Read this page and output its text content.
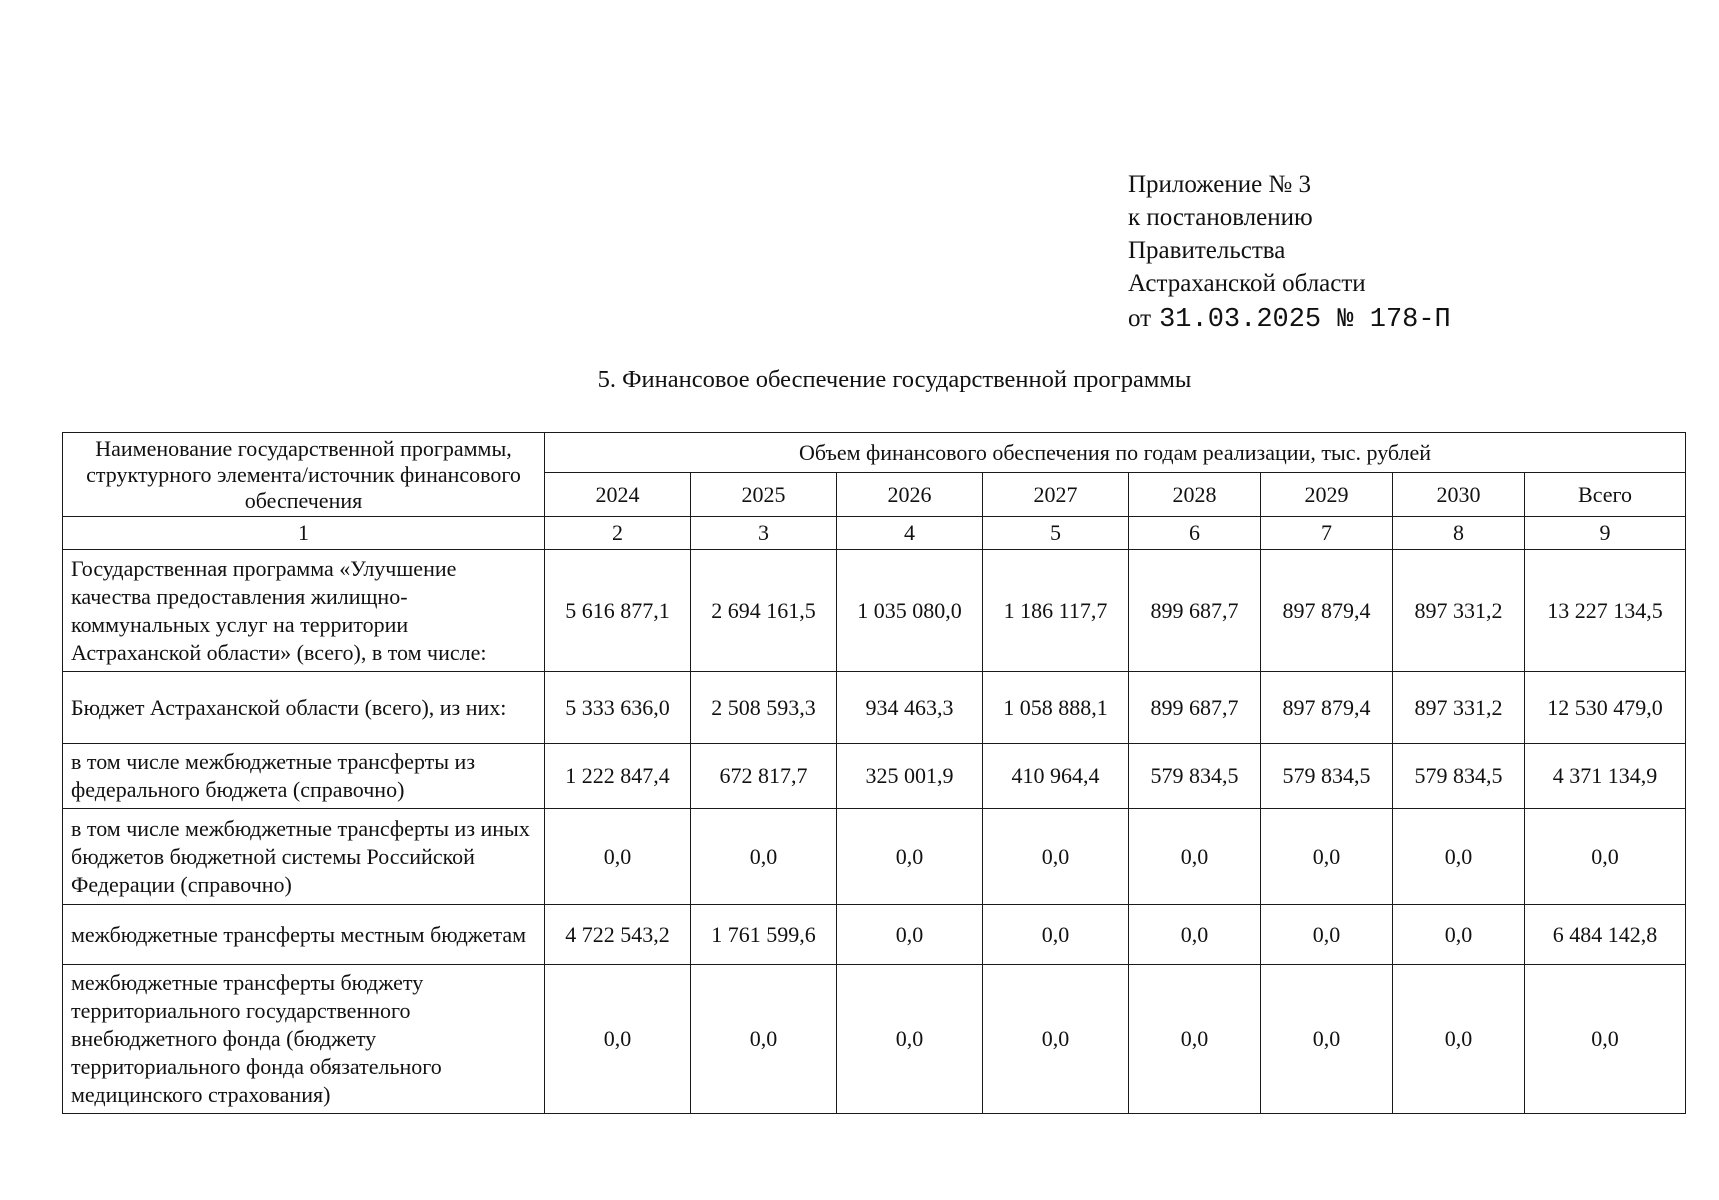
Приложение № 3
к постановлению
Правительства
Астраханской области
от 31.03.2025 № 178-П
5. Финансовое обеспечение государственной программы
Наименование государственной программы, структурного элемента/источник финансового обеспечения	Объем финансового обеспечения по годам реализации, тыс. рублей							
	2024	2025	2026	2027	2028	2029	2030	Всего
1	2	3	4	5	6	7	8	9
Государственная программа «Улучшение качества предоставления жилищно-коммунальных услуг на территории Астраханской области» (всего), в том числе:	5 616 877,1	2 694 161,5	1 035 080,0	1 186 117,7	899 687,7	897 879,4	897 331,2	13 227 134,5
Бюджет Астраханской области (всего), из них:	5 333 636,0	2 508 593,3	934 463,3	1 058 888,1	899 687,7	897 879,4	897 331,2	12 530 479,0
в том числе межбюджетные трансферты из федерального бюджета (справочно)	1 222 847,4	672 817,7	325 001,9	410 964,4	579 834,5	579 834,5	579 834,5	4 371 134,9
в том числе межбюджетные трансферты из иных бюджетов бюджетной системы Российской Федерации (справочно)	0,0	0,0	0,0	0,0	0,0	0,0	0,0	0,0
межбюджетные трансферты местным бюджетам	4 722 543,2	1 761 599,6	0,0	0,0	0,0	0,0	0,0	6 484 142,8
межбюджетные трансферты бюджету территориального государственного внебюджетного фонда (бюджету территориального фонда обязательного медицинского страхования)	0,0	0,0	0,0	0,0	0,0	0,0	0,0	0,0
